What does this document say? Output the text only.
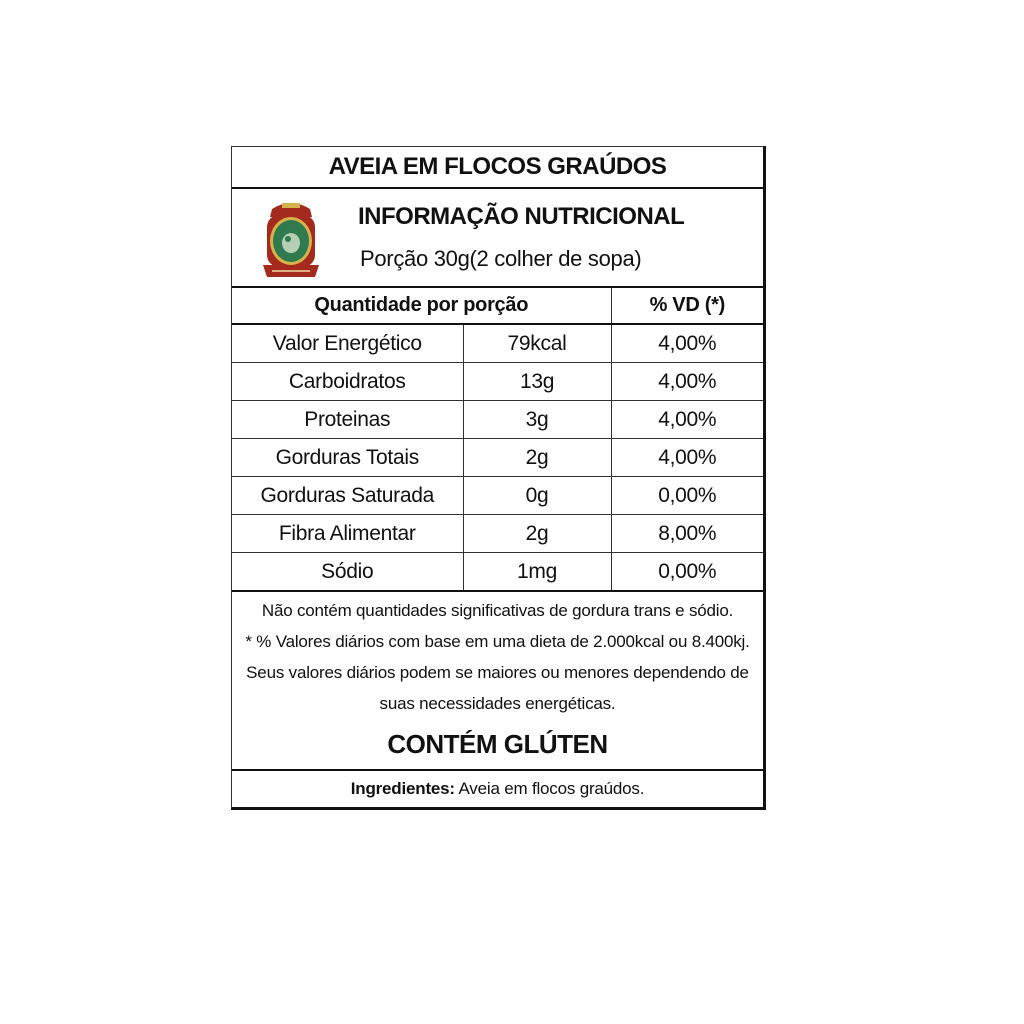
AVEIA EM FLOCOS GRAÚDOS
INFORMAÇÃO NUTRICIONAL
Porção 30g(2 colher de sopa)
Quantidade por porção		% VD (*)
Valor Energético	79kcal	4,00%
Carboidratos	13g	4,00%
Proteinas	3g	4,00%
Gorduras Totais	2g	4,00%
Gorduras Saturada	0g	0,00%
Fibra Alimentar	2g	8,00%
Sódio	1mg	0,00%
Não contém quantidades significativas de gordura trans e sódio.
* % Valores diários com base em uma dieta de 2.000kcal ou 8.400kj.
Seus valores diários podem se maiores ou menores dependendo de
suas necessidades energéticas.
CONTÉM GLÚTEN
Ingredientes: Aveia em flocos graúdos.
